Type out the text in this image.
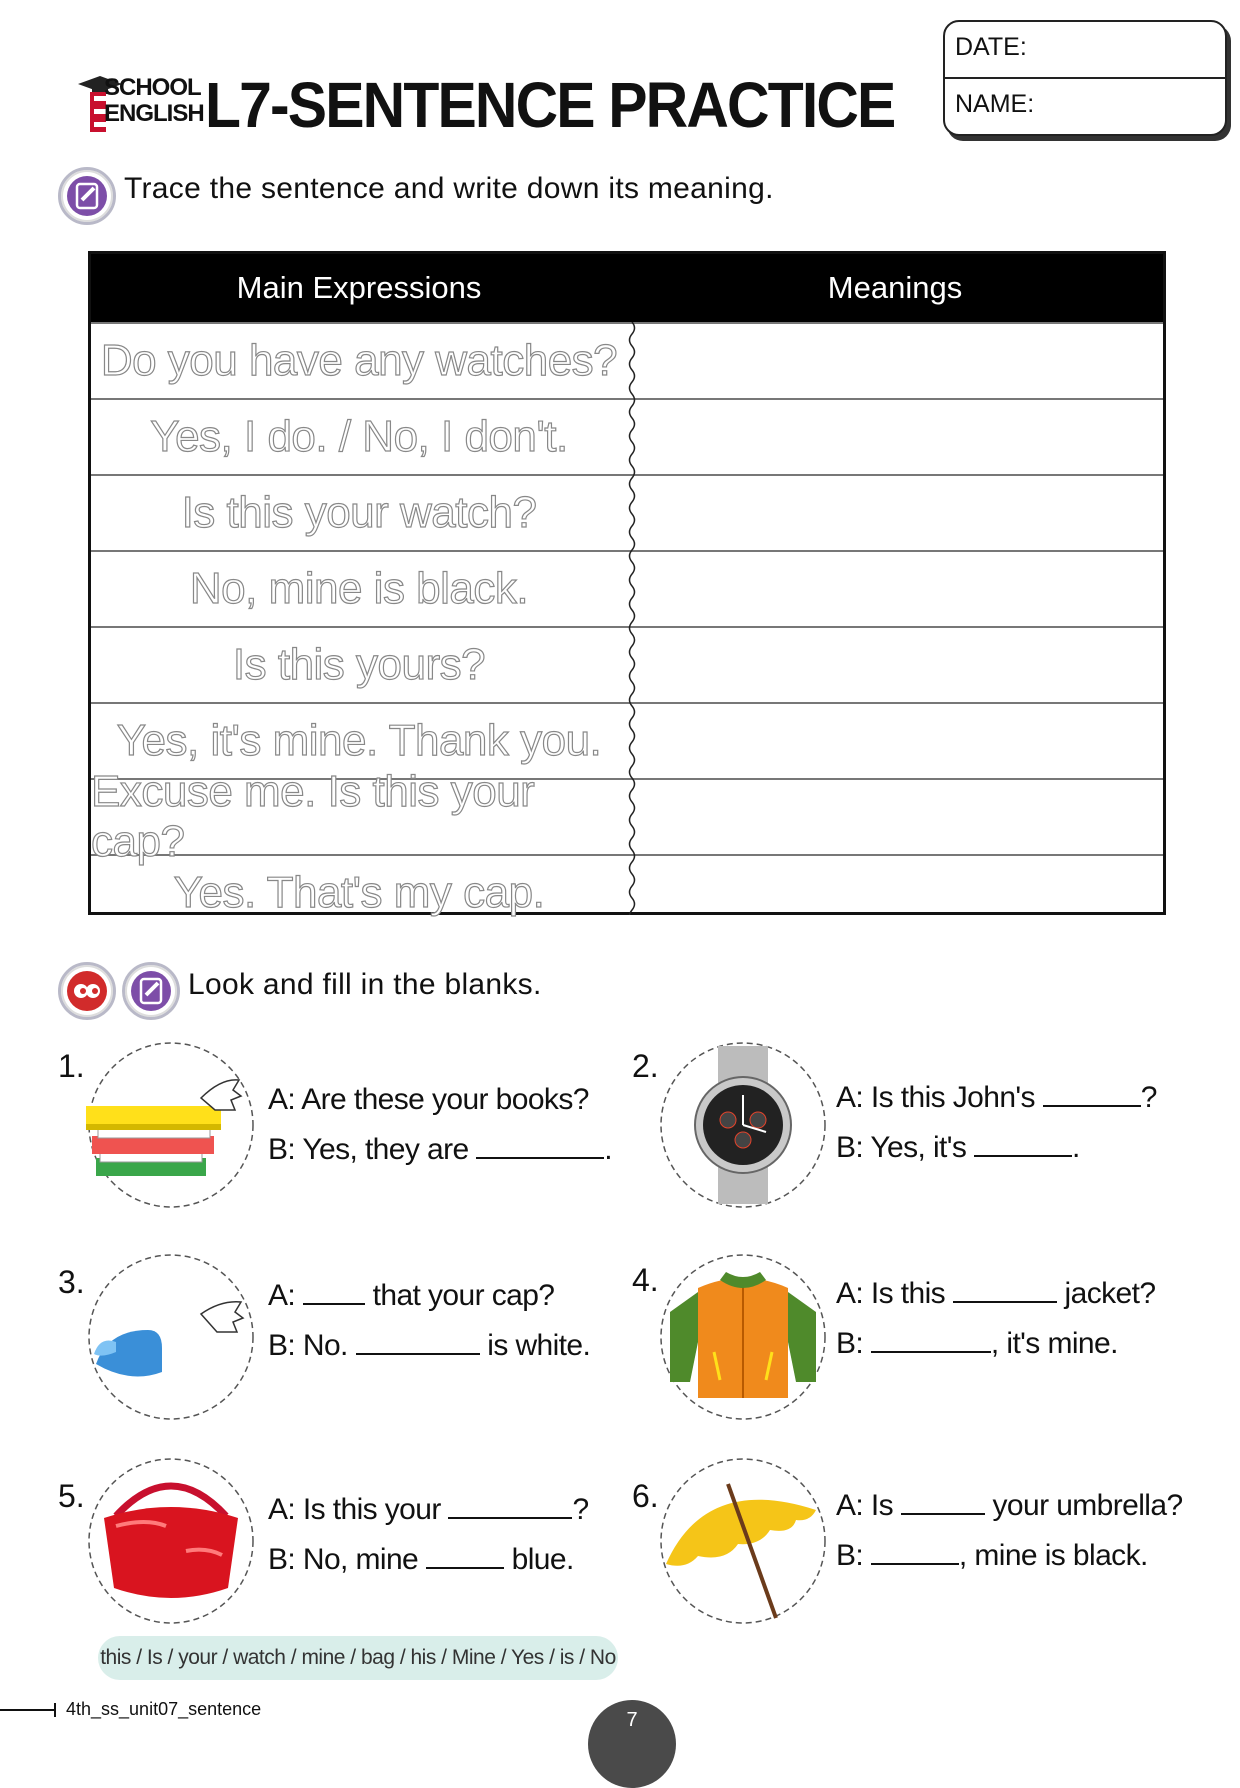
SCHOOL
ENGLISH L7-SENTENCE PRACTICE
DATE:
NAME:
Trace the sentence and write down its meaning.
Main Expressions	Meanings
Do you have any watches?
Yes, I do. / No, I don't.
Is this your watch?
No, mine is black.
Is this yours?
Yes, it's mine. Thank you.
Excuse me. Is this your cap?
Yes. That's my cap.
Look and fill in the blanks.
1.
A: Are these your books?
B: Yes, they are	.
2.
A: Is this John's	?
B: Yes, it's	.
3.	A:	that your cap?
B: No.	is white.
4.	A: Is this	jacket?
B:	, it's mine.
5.	A: Is this your	?
B: No, mine	blue.
6.	A: Is	your umbrella?
B:	, mine is black.
this / Is / your / watch / mine / bag / his / Mine / Yes / is / No
4th_ss_unit07_sentence	7
